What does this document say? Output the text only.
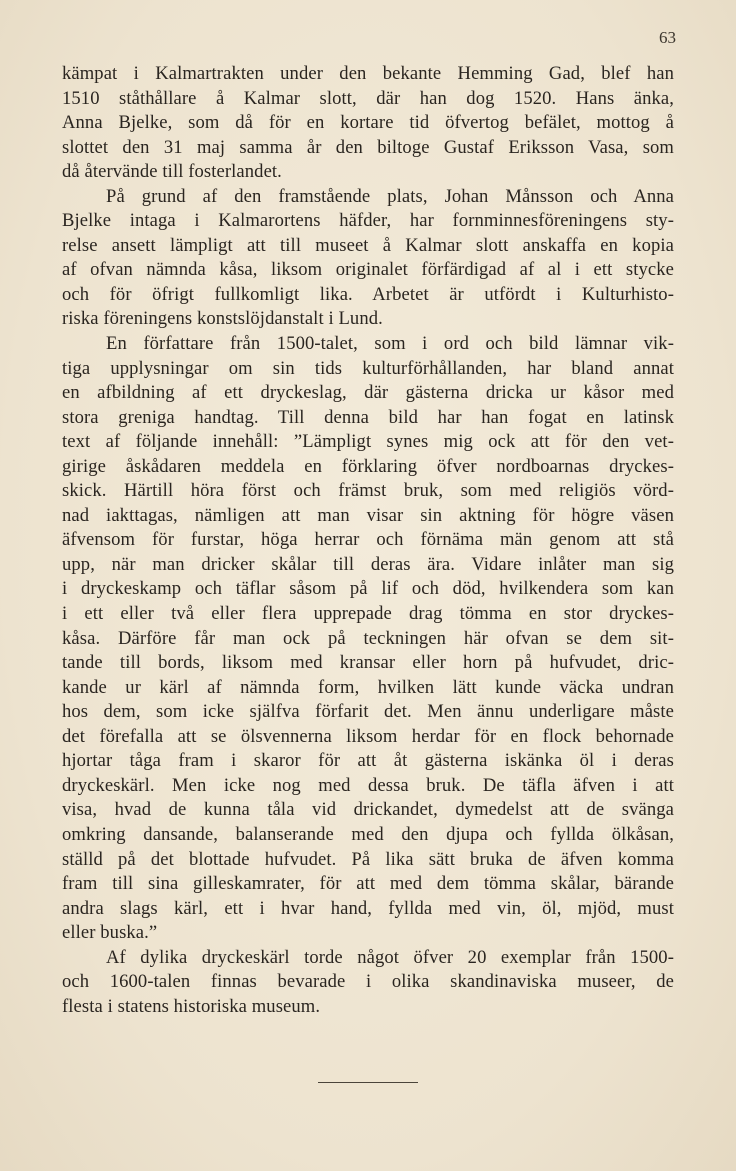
63
kämpat i Kalmartrakten under den bekante Hemming Gad, blef han
1510 ståthållare å Kalmar slott, där han dog 1520. Hans änka,
Anna Bjelke, som då för en kortare tid öfvertog befälet, mottog å
slottet den 31 maj samma år den biltoge Gustaf Eriksson Vasa, som
då återvände till fosterlandet.
På grund af den framstående plats, Johan Månsson och Anna
Bjelke intaga i Kalmarortens häfder, har fornminnesföreningens sty-
relse ansett lämpligt att till museet å Kalmar slott anskaffa en kopia
af ofvan nämnda kåsa, liksom originalet förfärdigad af al i ett stycke
och för öfrigt fullkomligt lika. Arbetet är utfördt i Kulturhisto-
riska föreningens konstslöjdanstalt i Lund.
En författare från 1500-talet, som i ord och bild lämnar vik-
tiga upplysningar om sin tids kulturförhållanden, har bland annat
en afbildning af ett dryckeslag, där gästerna dricka ur kåsor med
stora greniga handtag. Till denna bild har han fogat en latinsk
text af följande innehåll: ”Lämpligt synes mig ock att för den vet-
girige åskådaren meddela en förklaring öfver nordboarnas dryckes-
skick. Härtill höra först och främst bruk, som med religiös vörd-
nad iakttagas, nämligen att man visar sin aktning för högre väsen
äfvensom för furstar, höga herrar och förnäma män genom att stå
upp, när man dricker skålar till deras ära. Vidare inlåter man sig
i dryckeskamp och täflar såsom på lif och död, hvilkendera som kan
i ett eller två eller flera upprepade drag tömma en stor dryckes-
kåsa. Därföre får man ock på teckningen här ofvan se dem sit-
tande till bords, liksom med kransar eller horn på hufvudet, dric-
kande ur kärl af nämnda form, hvilken lätt kunde väcka undran
hos dem, som icke själfva förfarit det. Men ännu underligare måste
det förefalla att se ölsvennerna liksom herdar för en flock behornade
hjortar tåga fram i skaror för att åt gästerna iskänka öl i deras
dryckeskärl. Men icke nog med dessa bruk. De täfla äfven i att
visa, hvad de kunna tåla vid drickandet, dymedelst att de svänga
omkring dansande, balanserande med den djupa och fyllda ölkåsan,
ställd på det blottade hufvudet. På lika sätt bruka de äfven komma
fram till sina gilleskamrater, för att med dem tömma skålar, bärande
andra slags kärl, ett i hvar hand, fyllda med vin, öl, mjöd, must
eller buska.”
Af dylika dryckeskärl torde något öfver 20 exemplar från 1500-
och 1600-talen finnas bevarade i olika skandinaviska museer, de
flesta i statens historiska museum.
